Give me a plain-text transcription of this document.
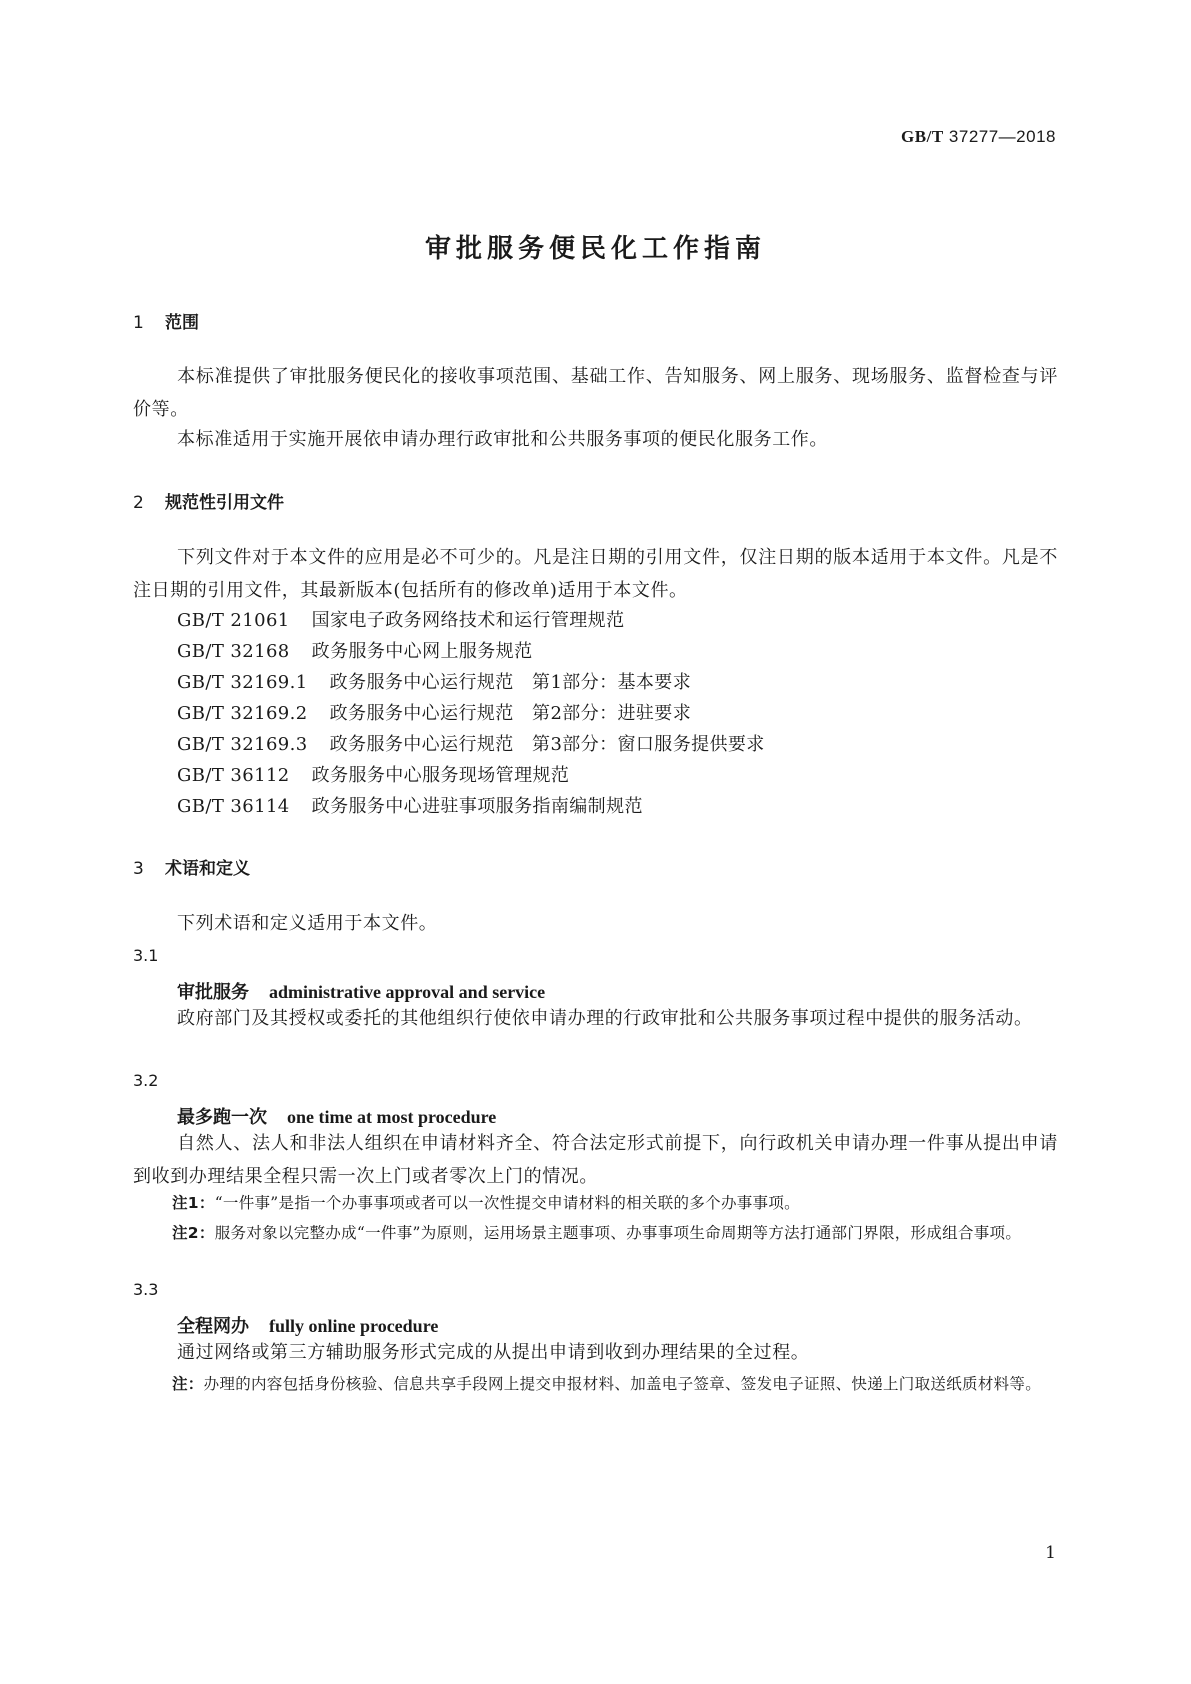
GB/T 37277—2018
审批服务便民化工作指南
1 范围
本标准提供了审批服务便民化的接收事项范围、基础工作、告知服务、网上服务、现场服务、监督检查与评价等。
本标准适用于实施开展依申请办理行政审批和公共服务事项的便民化服务工作。
2 规范性引用文件
下列文件对于本文件的应用是必不可少的。凡是注日期的引用文件，仅注日期的版本适用于本文件。凡是不注日期的引用文件，其最新版本(包括所有的修改单)适用于本文件。
GB/T 21061 国家电子政务网络技术和运行管理规范
GB/T 32168 政务服务中心网上服务规范
GB/T 32169.1 政务服务中心运行规范　第1部分：基本要求
GB/T 32169.2 政务服务中心运行规范　第2部分：进驻要求
GB/T 32169.3 政务服务中心运行规范　第3部分：窗口服务提供要求
GB/T 36112 政务服务中心服务现场管理规范
GB/T 36114 政务服务中心进驻事项服务指南编制规范
3 术语和定义
下列术语和定义适用于本文件。
3.1
审批服务 administrative approval and service
政府部门及其授权或委托的其他组织行使依申请办理的行政审批和公共服务事项过程中提供的服务活动。
3.2
最多跑一次 one time at most procedure
自然人、法人和非法人组织在申请材料齐全、符合法定形式前提下，向行政机关申请办理一件事从提出申请到收到办理结果全程只需一次上门或者零次上门的情况。
注1：“一件事”是指一个办事事项或者可以一次性提交申请材料的相关联的多个办事事项。
注2：服务对象以完整办成“一件事”为原则，运用场景主题事项、办事事项生命周期等方法打通部门界限，形成组合事项。
3.3
全程网办 fully online procedure
通过网络或第三方辅助服务形式完成的从提出申请到收到办理结果的全过程。
注：办理的内容包括身份核验、信息共享手段网上提交申报材料、加盖电子签章、签发电子证照、快递上门取送纸质材料等。
1
